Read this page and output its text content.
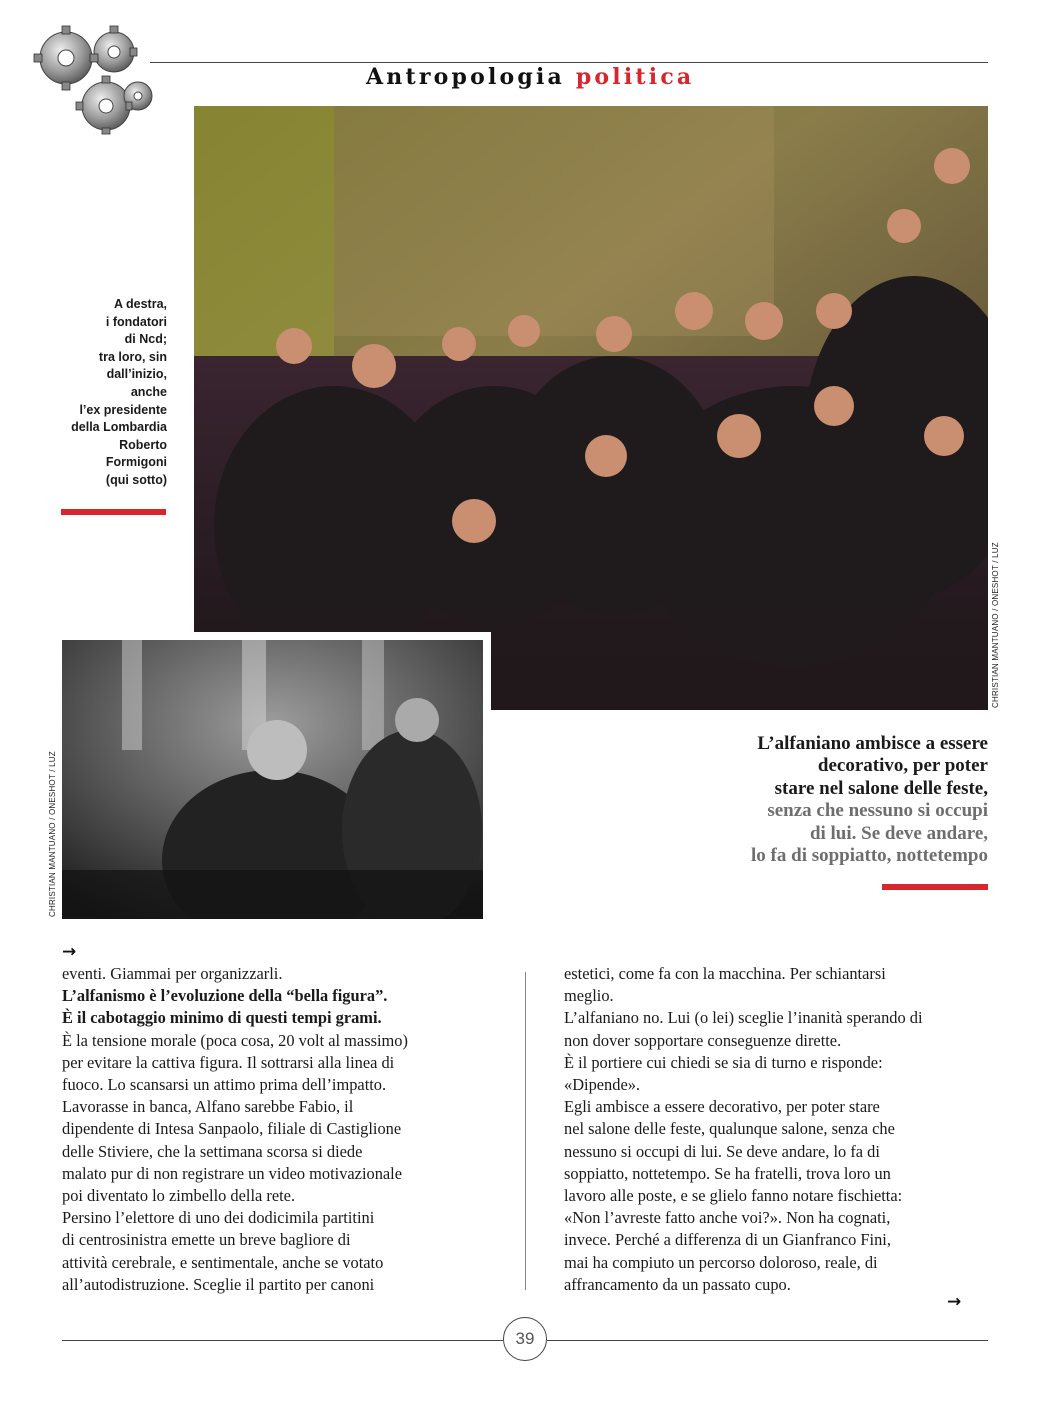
Antropologia politica
CHRISTIAN MANTUANO / ONESHOT / LUZ
A destra,
i fondatori
di Ncd;
tra loro, sin
dall’inizio,
anche
l’ex presidente
della Lombardia
Roberto
Formigoni
(qui sotto)
CHRISTIAN MANTUANO / ONESHOT / LUZ
L’alfaniano ambisce a essere
decorativo, per poter
stare nel salone delle feste,
senza che nessuno si occupi
di lui. Se deve andare,
lo fa di soppiatto, nottetempo
→

eventi. Giammai per organizzarli.

L’alfanismo è l’evoluzione della “bella figura”.

È il cabotaggio minimo di questi tempi grami.

È la tensione morale (poca cosa, 20 volt al massimo)

per evitare la cattiva figura. Il sottrarsi alla linea di

fuoco. Lo scansarsi un attimo prima dell’impatto.

Lavorasse in banca, Alfano sarebbe Fabio, il

dipendente di Intesa Sanpaolo, filiale di Castiglione

delle Stiviere, che la settimana scorsa si diede

malato pur di non registrare un video motivazionale

poi diventato lo zimbello della rete.

Persino l’elettore di uno dei dodicimila partitini

di centrosinistra emette un breve bagliore di

attività cerebrale, e sentimentale, anche se votato

all’autodistruzione. Sceglie il partito per canoni

estetici, come fa con la macchina. Per schiantarsi

meglio.

L’alfaniano no. Lui (o lei) sceglie l’inanità sperando di

non dover sopportare conseguenze dirette.

È il portiere cui chiedi se sia di turno e risponde:

«Dipende».

Egli ambisce a essere decorativo, per poter stare

nel salone delle feste, qualunque salone, senza che

nessuno si occupi di lui. Se deve andare, lo fa di

soppiatto, nottetempo. Se ha fratelli, trova loro un

lavoro alle poste, e se glielo fanno notare fischietta:

«Non l’avreste fatto anche voi?». Non ha cognati,

invece. Perché a differenza di un Gianfranco Fini,

mai ha compiuto un percorso doloroso, reale, di

affrancamento da un passato cupo.

→
39
